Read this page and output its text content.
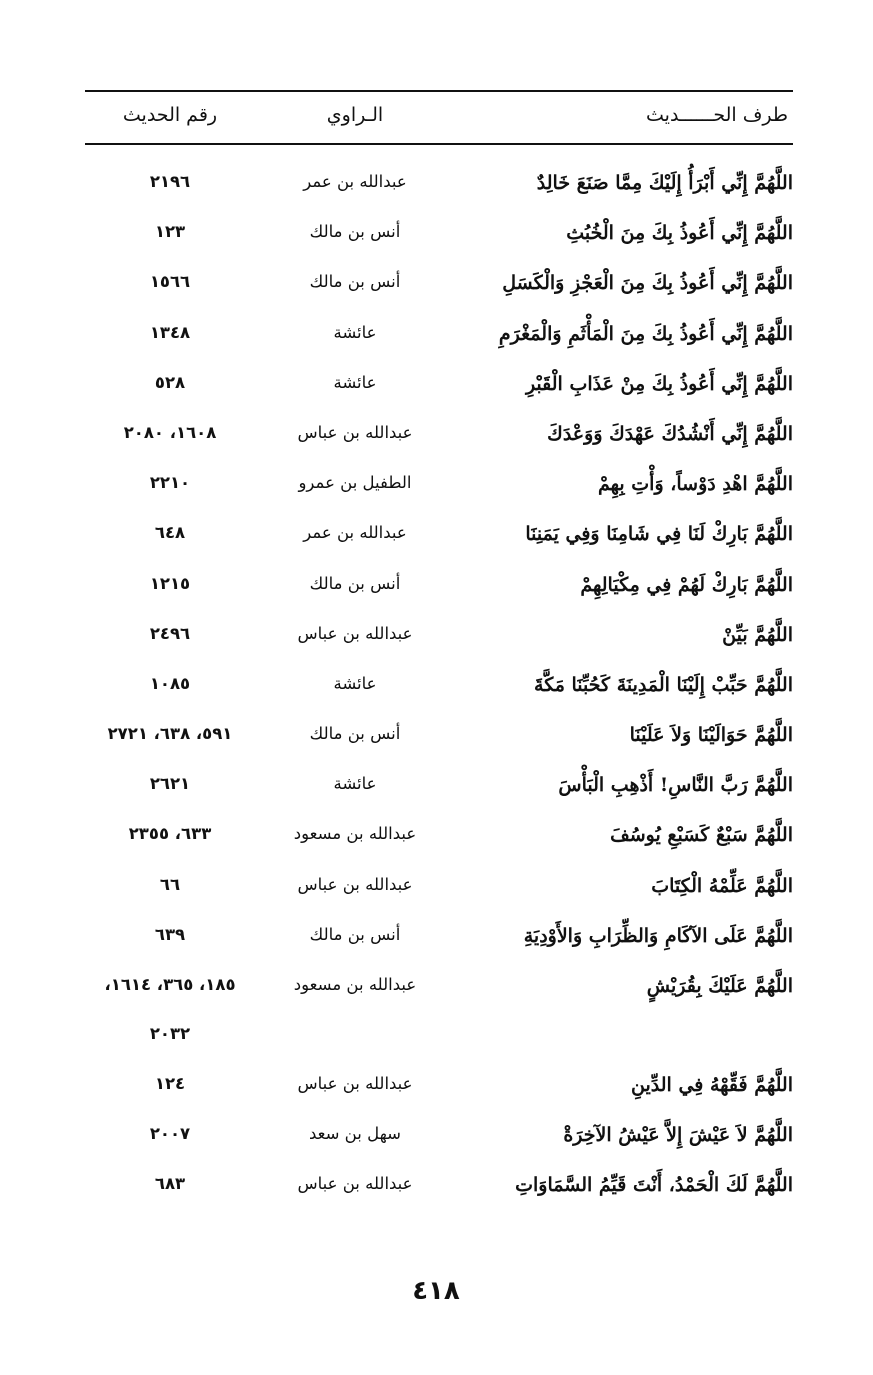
طرف الحــــــديث
الـراوي
رقم الحديث
اللَّهُمَّ إِنِّي أَبْرَأُ إِلَيْكَ مِمَّا صَنَعَ خَالِدٌ
عبدالله بن عمر
٢١٩٦
اللَّهُمَّ إِنِّي أَعُوذُ بِكَ مِنَ الْخُبُثِ
أنس بن مالك
١٢٣
اللَّهُمَّ إِنِّي أَعُوذُ بِكَ مِنَ الْعَجْزِ وَالْكَسَلِ
أنس بن مالك
١٥٦٦
اللَّهُمَّ إِنِّي أَعُوذُ بِكَ مِنَ الْمَأْثَمِ وَالْمَغْرَمِ
عائشة
١٣٤٨
اللَّهُمَّ إِنِّي أَعُوذُ بِكَ مِنْ عَذَابِ الْقَبْرِ
عائشة
٥٢٨
اللَّهُمَّ إِنِّي أَنْشُدُكَ عَهْدَكَ وَوَعْدَكَ
عبدالله بن عباس
١٦٠٨، ٢٠٨٠
اللَّهُمَّ اهْدِ دَوْساً، وَأْتِ بِهِمْ
الطفيل بن عمرو
٢٢١٠
اللَّهُمَّ بَارِكْ لَنَا فِي شَامِنَا وَفِي يَمَنِنَا
عبدالله بن عمر
٦٤٨
اللَّهُمَّ بَارِكْ لَهُمْ فِي مِكْيَالِهِمْ
أنس بن مالك
١٢١٥
اللَّهُمَّ بَيِّنْ
عبدالله بن عباس
٢٤٩٦
اللَّهُمَّ حَبِّبْ إِلَيْنَا الْمَدِينَةَ كَحُبِّنَا مَكَّةَ
عائشة
١٠٨٥
اللَّهُمَّ حَوَالَيْنَا وَلاَ عَلَيْنَا
أنس بن مالك
٥٩١، ٦٣٨، ٢٧٢١
اللَّهُمَّ رَبَّ النَّاسِ! أَذْهِبِ الْبَأْسَ
عائشة
٢٦٢١
اللَّهُمَّ سَبْعٌ كَسَبْعِ يُوسُفَ
عبدالله بن مسعود
٦٣٣، ٢٣٥٥
اللَّهُمَّ عَلِّمْهُ الْكِتَابَ
عبدالله بن عباس
٦٦
اللَّهُمَّ عَلَى الآكَامِ وَالظِّرَابِ وَالأَوْدِيَةِ
أنس بن مالك
٦٣٩
اللَّهُمَّ عَلَيْكَ بِقُرَيْشٍ
عبدالله بن مسعود
١٨٥، ٣٦٥، ١٦١٤،
٢٠٣٢
اللَّهُمَّ فَقِّهْهُ فِي الدِّينِ
عبدالله بن عباس
١٢٤
اللَّهُمَّ لاَ عَيْشَ إِلاَّ عَيْشُ الآخِرَةْ
سهل بن سعد
٢٠٠٧
اللَّهُمَّ لَكَ الْحَمْدُ، أَنْتَ قَيِّمُ السَّمَاوَاتِ
عبدالله بن عباس
٦٨٣
٤١٨
